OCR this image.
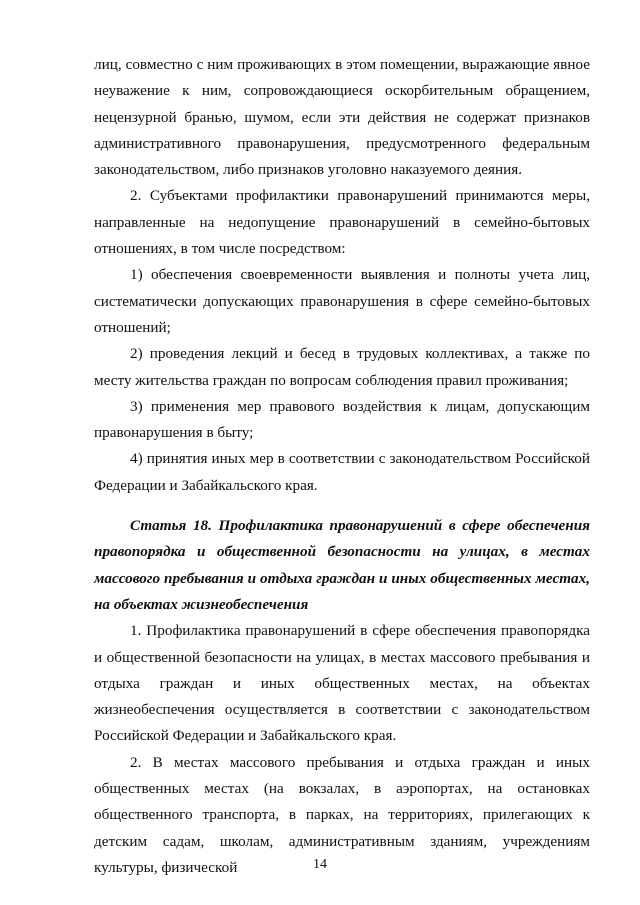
лиц, совместно с ним проживающих в этом помещении, выражающие явное неуважение к ним, сопровождающиеся оскорбительным обращением, нецензурной бранью, шумом, если эти действия не содержат признаков административного правонарушения, предусмотренного федеральным законодательством, либо признаков уголовно наказуемого деяния.

2. Субъектами профилактики правонарушений принимаются меры, направленные на недопущение правонарушений в семейно-бытовых отношениях, в том числе посредством:

1) обеспечения своевременности выявления и полноты учета лиц, систематически допускающих правонарушения в сфере семейно-бытовых отношений;

2) проведения лекций и бесед в трудовых коллективах, а также по месту жительства граждан по вопросам соблюдения правил проживания;

3) применения мер правового воздействия к лицам, допускающим правонарушения в быту;

4) принятия иных мер в соответствии с законодательством Российской Федерации и Забайкальского края.

Статья 18. Профилактика правонарушений в сфере обеспечения правопорядка и общественной безопасности на улицах, в местах массового пребывания и отдыха граждан и иных общественных местах, на объектах жизнеобеспечения

1. Профилактика правонарушений в сфере обеспечения правопорядка и общественной безопасности на улицах, в местах массового пребывания и отдыха граждан и иных общественных местах, на объектах жизнеобеспечения осуществляется в соответствии с законодательством Российской Федерации и Забайкальского края.

2. В местах массового пребывания и отдыха граждан и иных общественных местах (на вокзалах, в аэропортах, на остановках общественного транспорта, в парках, на территориях, прилегающих к детским садам, школам, административным зданиям, учреждениям культуры, физической	14
